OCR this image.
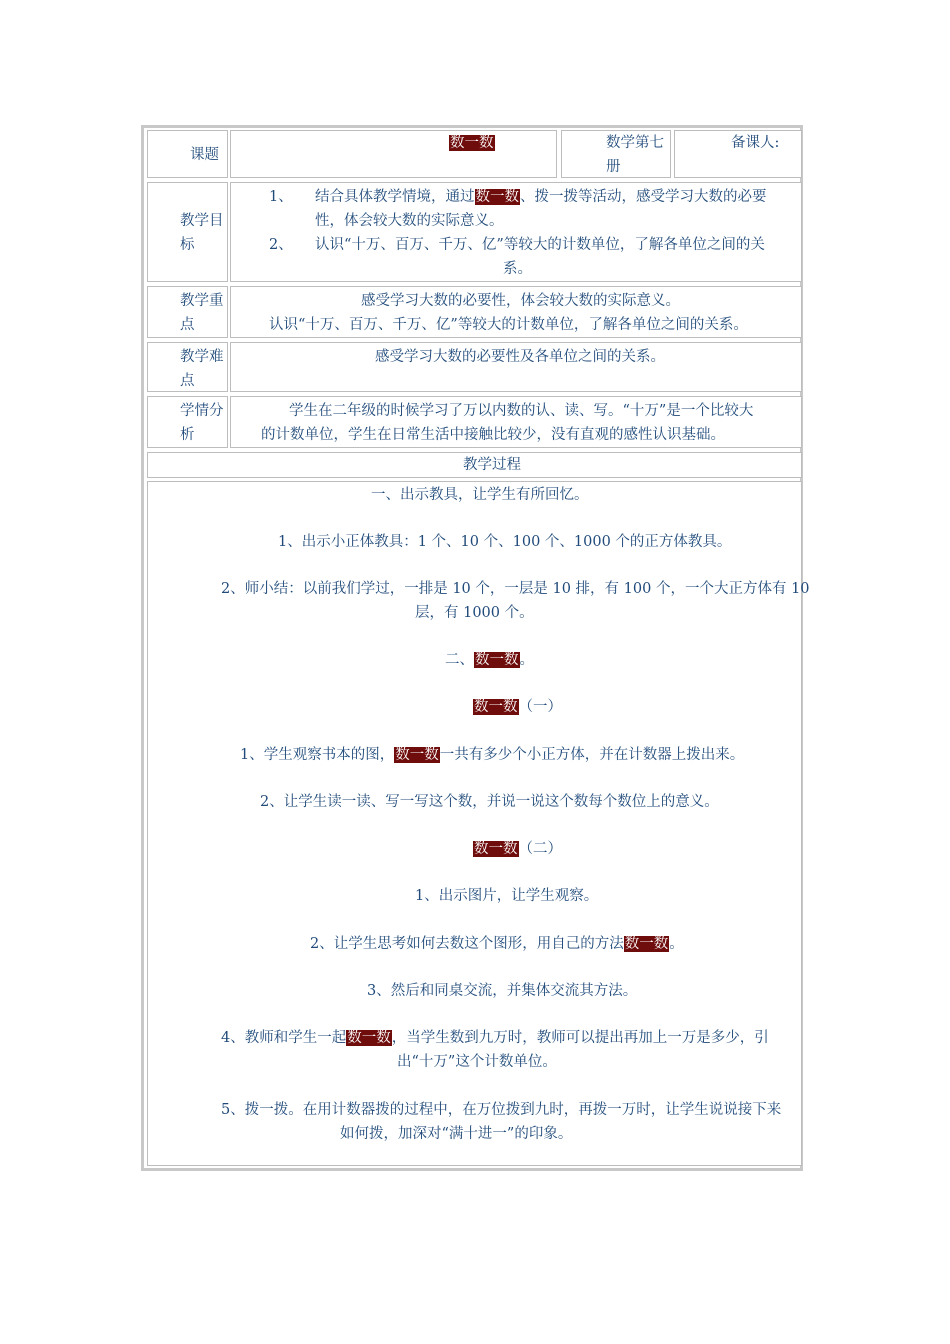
课题
数一数	数学第七册
备课人:
教学目标
1、 结合具体教学情境，通过数一数、拨一拨等活动，感受学习大数的必要
性，体会较大数的实际意义。
2、 认识“十万、百万、千万、亿”等较大的计数单位，了解各单位之间的关
系。
教学重点
感受学习大数的必要性，体会较大数的实际意义。
认识“十万、百万、千万、亿”等较大的计数单位，了解各单位之间的关系。
教学难点
感受学习大数的必要性及各单位之间的关系。
学情分析
学生在二年级的时候学习了万以内数的认、读、写。“十万”是一个比较大
的计数单位，学生在日常生活中接触比较少，没有直观的感性认识基础。
教学过程
一、出示教具，让学生有所回忆。
1、出示小正体教具：1 个、10 个、100 个、1000 个的正方体教具。
2、师小结：以前我们学过，一排是 10 个，一层是 10 排，有 100 个，一个大正方体有 10
层，有 1000 个。
二、数一数。
数一数（一）
1、学生观察书本的图，数一数一共有多少个小正方体，并在计数器上拨出来。
2、让学生读一读、写一写这个数，并说一说这个数每个数位上的意义。
数一数（二）
1、出示图片，让学生观察。
2、让学生思考如何去数这个图形，用自己的方法数一数。
3、然后和同桌交流，并集体交流其方法。
4、教师和学生一起数一数，当学生数到九万时，教师可以提出再加上一万是多少，引
出“十万”这个计数单位。
5、拨一拨。在用计数器拨的过程中，在万位拨到九时，再拨一万时，让学生说说接下来
如何拨，加深对“满十进一”的印象。
